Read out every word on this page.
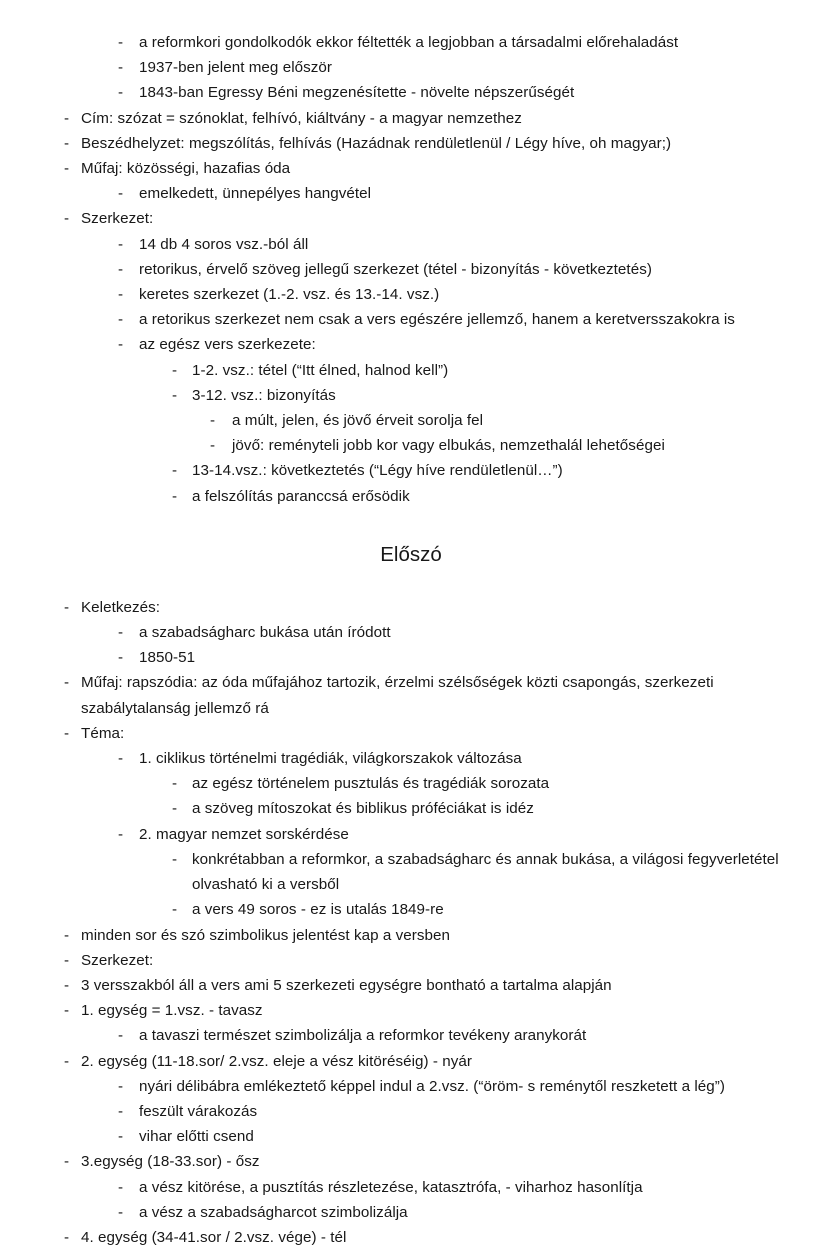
-	a reformkori gondolkodók ekkor féltették a legjobban a társadalmi előrehaladást
-	1937-ben jelent meg először
-	1843-ban Egressy Béni megzenésítette - növelte népszerűségét
- Cím: szózat = szónoklat, felhívó, kiáltvány - a magyar nemzethez
- Beszédhelyzet: megszólítás, felhívás (Hazádnak rendületlenül / Légy híve, oh magyar;)
- Műfaj: közösségi, hazafias óda
-	emelkedett, ünnepélyes hangvétel
- Szerkezet:
-	14 db 4 soros vsz.-ból áll
-	retorikus, érvelő szöveg jellegű szerkezet (tétel - bizonyítás - következtetés)
-	keretes szerkezet (1.-2. vsz. és 13.-14. vsz.)
-	a retorikus szerkezet nem csak a vers egészére jellemző, hanem a keretversszakokra is
-	az egész vers szerkezete:
- 1-2. vsz.: tétel (“Itt élned, halnod kell”)
- 3-12. vsz.: bizonyítás
-	a múlt, jelen, és jövő érveit sorolja fel
-	jövő: reményteli jobb kor vagy elbukás, nemzethalál lehetőségei
- 13-14.vsz.: következtetés (“Légy híve rendületlenül…”)
- a felszólítás paranccsá erősödik
Előszó
- Keletkezés:
-	a szabadságharc bukása után íródott
-	1850-51
- Műfaj: rapszódia: az óda műfajához tartozik, érzelmi szélsőségek közti csapongás, szerkezeti szabálytalanság jellemző rá
- Téma:
-	1. ciklikus történelmi tragédiák, világkorszakok változása
- az egész történelem pusztulás és tragédiák sorozata
- a szöveg mítoszokat és biblikus próféciákat is idéz
-	2. magyar nemzet sorskérdése
- konkrétabban a reformkor, a szabadságharc és annak bukása, a világosi fegyverletétel olvasható ki a versből
- a vers 49 soros - ez is utalás 1849-re
- minden sor és szó szimbolikus jelentést kap a versben
- Szerkezet:
- 3 versszakból áll a vers ami 5 szerkezeti egységre bontható a tartalma alapján
- 1. egység = 1.vsz. - tavasz
-	a tavaszi természet szimbolizálja a reformkor tevékeny aranykorát
- 2. egység (11-18.sor/ 2.vsz. eleje a vész kitöréséig) - nyár
-	nyári délibábra emlékeztető képpel indul a 2.vsz. (“öröm- s reménytől reszketett a lég”)
-	feszült várakozás
-	vihar előtti csend
- 3.egység (18-33.sor) - ősz
-	a vész kitörése, a pusztítás részletezése, katasztrófa, - viharhoz hasonlítja
-	a vész a szabadságharcot szimbolizálja
- 4. egység (34-41.sor / 2.vsz. vége) - tél
